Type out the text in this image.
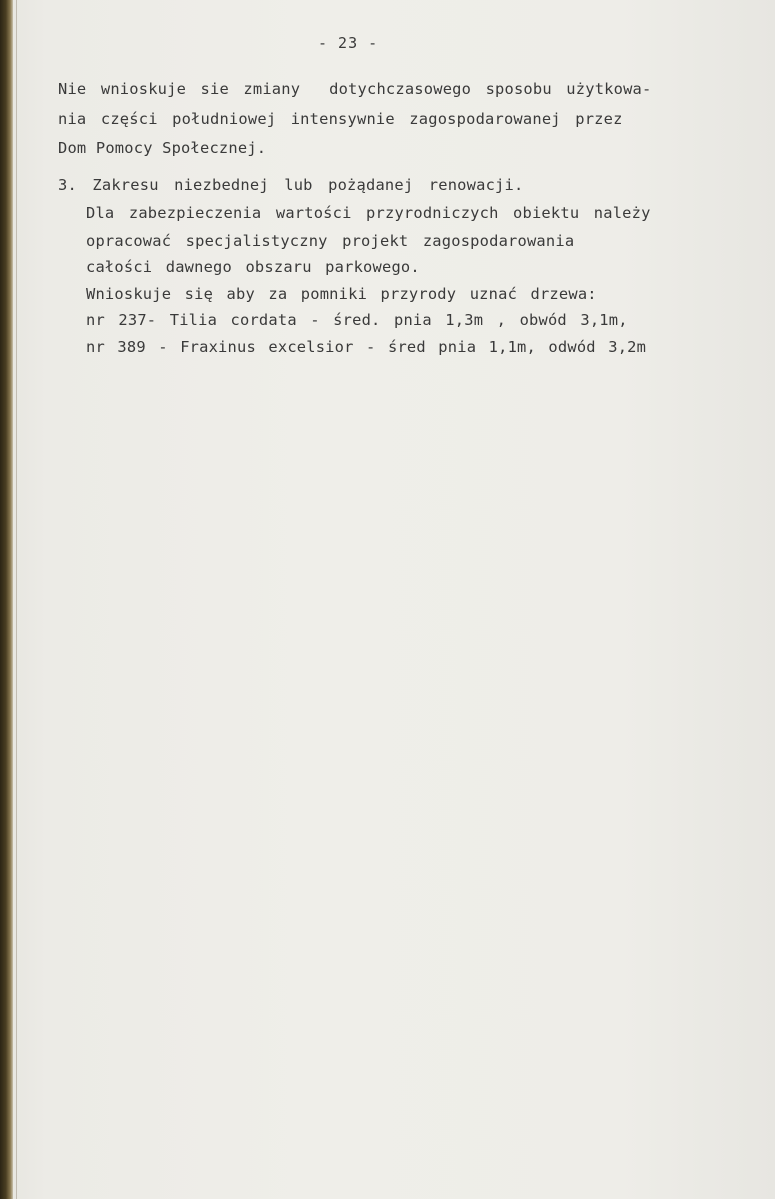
- 23 -
Nie wnioskuje sie zmiany  dotychczasowego sposobu użytkowa-
nia części południowej intensywnie zagospodarowanej przez
Dom Pomocy Społecznej.
3. Zakresu niezbednej lub pożądanej renowacji.
Dla zabezpieczenia wartości przyrodniczych obiektu należy
opracować specjalistyczny projekt zagospodarowania
całości dawnego obszaru parkowego.
Wnioskuje się aby za pomniki przyrody uznać drzewa:
nr 237- Tilia cordata - śred. pnia 1,3m , obwód 3,1m,
nr 389 - Fraxinus excelsior - śred pnia 1,1m, odwód 3,2m
